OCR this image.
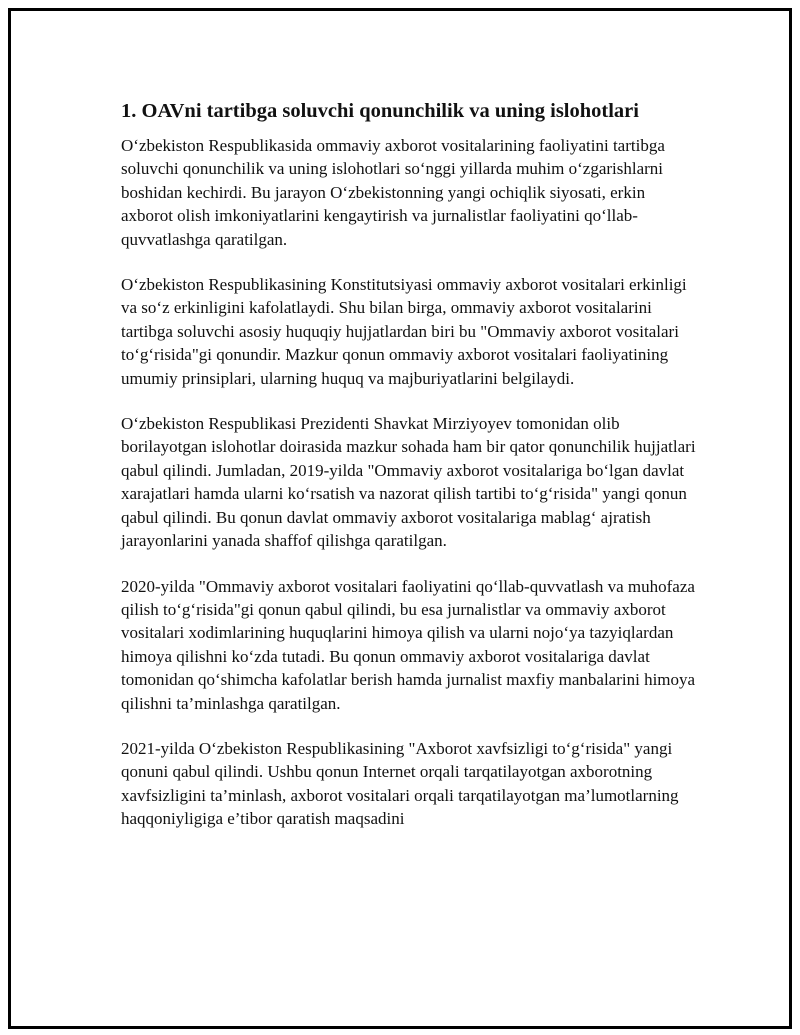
1. OAVni tartibga soluvchi qonunchilik va uning islohotlari

O‘zbekiston Respublikasida ommaviy axborot vositalarining faoliyatini tartibga soluvchi qonunchilik va uning islohotlari so‘nggi yillarda muhim o‘zgarishlarni boshidan kechirdi. Bu jarayon O‘zbekistonning yangi ochiqlik siyosati, erkin axborot olish imkoniyatlarini kengaytirish va jurnalistlar faoliyatini qo‘llab-quvvatlashga qaratilgan.

O‘zbekiston Respublikasining Konstitutsiyasi ommaviy axborot vositalari erkinligi va so‘z erkinligini kafolatlaydi. Shu bilan birga, ommaviy axborot vositalarini tartibga soluvchi asosiy huquqiy hujjatlardan biri bu "Ommaviy axborot vositalari to‘g‘risida"gi qonundir. Mazkur qonun ommaviy axborot vositalari faoliyatining umumiy prinsiplari, ularning huquq va majburiyatlarini belgilaydi.

O‘zbekiston Respublikasi Prezidenti Shavkat Mirziyoyev tomonidan olib borilayotgan islohotlar doirasida mazkur sohada ham bir qator qonunchilik hujjatlari qabul qilindi. Jumladan, 2019-yilda "Ommaviy axborot vositalariga bo‘lgan davlat xarajatlari hamda ularni ko‘rsatish va nazorat qilish tartibi to‘g‘risida" yangi qonun qabul qilindi. Bu qonun davlat ommaviy axborot vositalariga mablag‘ ajratish jarayonlarini yanada shaffof qilishga qaratilgan.

2020-yilda "Ommaviy axborot vositalari faoliyatini qo‘llab-quvvatlash va muhofaza qilish to‘g‘risida"gi qonun qabul qilindi, bu esa jurnalistlar va ommaviy axborot vositalari xodimlarining huquqlarini himoya qilish va ularni nojo‘ya tazyiqlardan himoya qilishni ko‘zda tutadi. Bu qonun ommaviy axborot vositalariga davlat tomonidan qo‘shimcha kafolatlar berish hamda jurnalist maxfiy manbalarini himoya qilishni ta’minlashga qaratilgan.

2021-yilda O‘zbekiston Respublikasining "Axborot xavfsizligi to‘g‘risida" yangi qonuni qabul qilindi. Ushbu qonun Internet orqali tarqatilayotgan axborotning xavfsizligini ta’minlash, axborot vositalari orqali tarqatilayotgan ma’lumotlarning haqqoniyligiga e’tibor qaratish maqsadini
